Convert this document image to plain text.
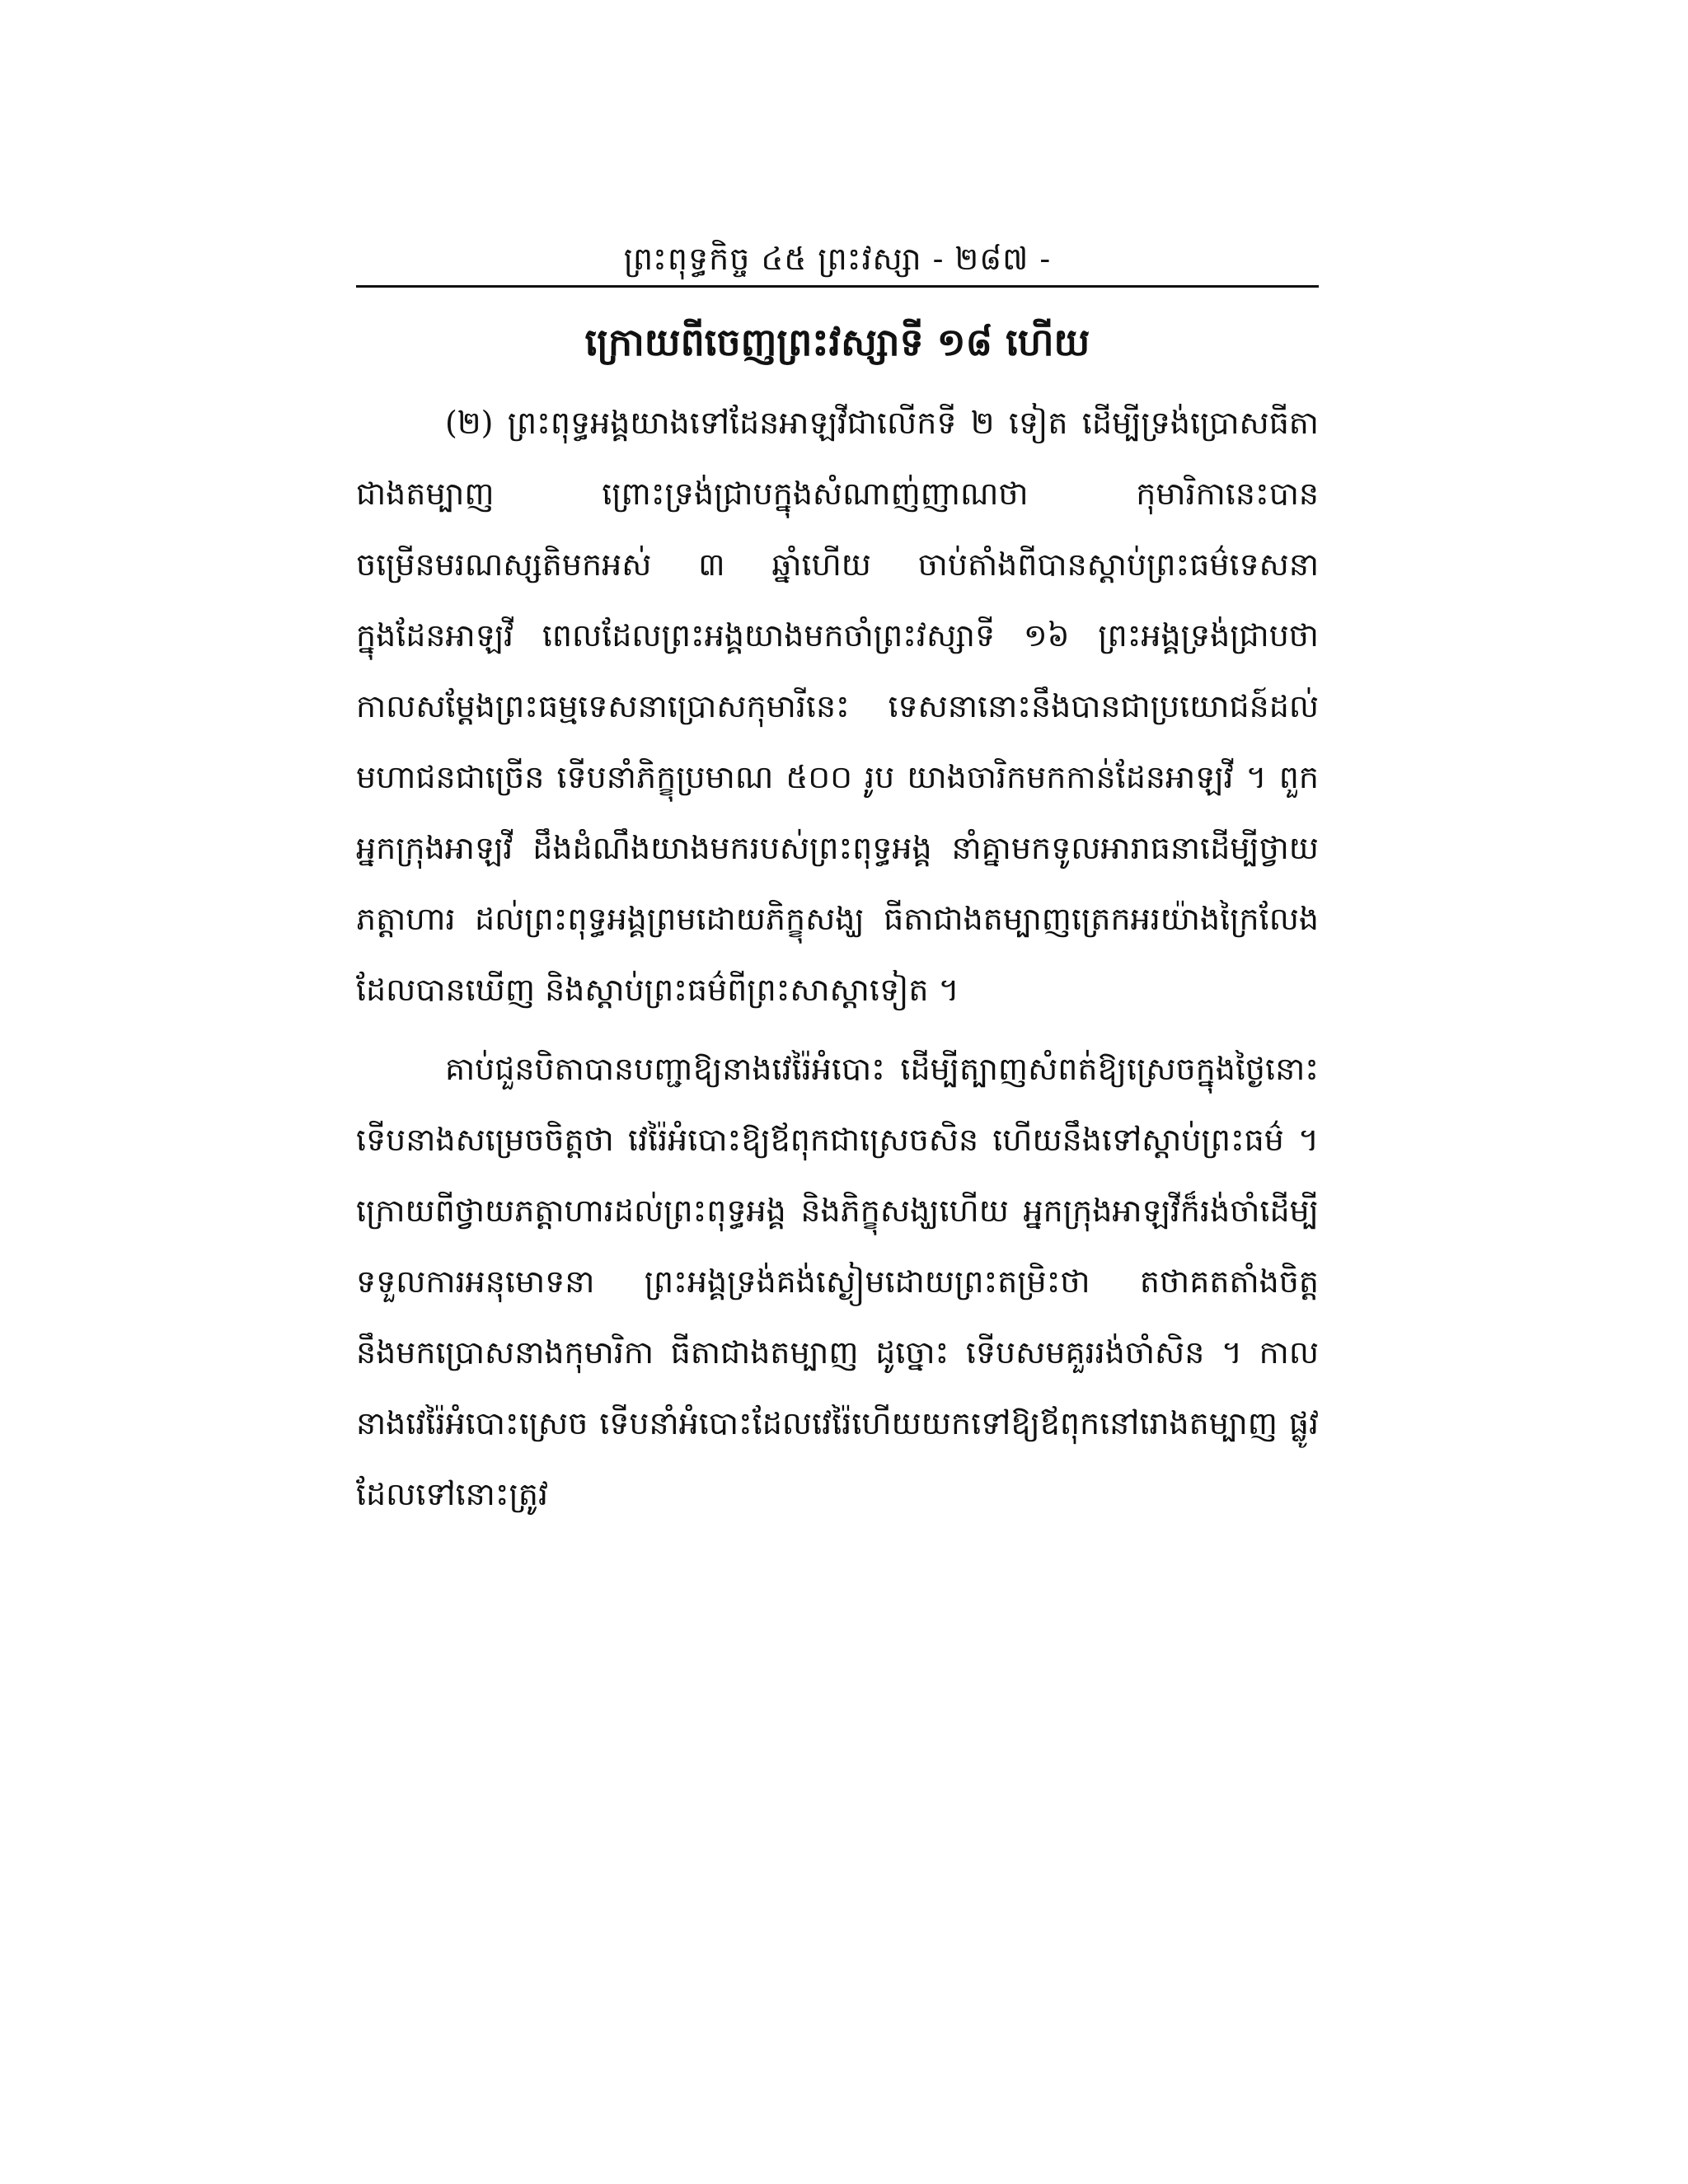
ព្រះពុទ្ធកិច្ច ៤៥ ព្រះវស្សា - ២៨៧ -
ក្រោយពីចេញព្រះវស្សាទី ១៨ ហើយ

(២) ព្រះពុទ្ធអង្គយាងទៅដែនអាឡវីជាលើកទី ២ ទៀត ដើម្បីទ្រង់ប្រោសធីតាជាងតម្បាញ ព្រោះទ្រង់ជ្រាបក្នុងសំណាញ់ញាណថា កុមារិកានេះបានចម្រើនមរណស្សតិមកអស់ ៣ ឆ្នាំហើយ ចាប់តាំងពីបានស្តាប់ព្រះធម៌ទេសនាក្នុងដែនអាឡវី ពេលដែលព្រះអង្គយាងមកចាំព្រះវស្សាទី ១៦ ព្រះអង្គទ្រង់ជ្រាបថា កាលសម្តែងព្រះធម្មទេសនាប្រោសកុមារីនេះ ទេសនានោះនឹងបានជាប្រយោជន៍ដល់មហាជនជាច្រើន ទើបនាំភិក្ខុប្រមាណ ៥០០ រូប យាងចារិកមកកាន់ដែនអាឡវី ។ ពួកអ្នកក្រុងអាឡវី ដឹងដំណឹងយាងមករបស់ព្រះពុទ្ធអង្គ នាំគ្នាមកទូលអារាធនាដើម្បីថ្វាយភត្តាហារ ដល់ព្រះពុទ្ធអង្គព្រមដោយភិក្ខុសង្ឃ ធីតាជាងតម្បាញត្រេកអរយ៉ាងក្រៃលែង ដែលបានឃើញ និងស្តាប់ព្រះធម៌ពីព្រះសាស្តាទៀត ។

គាប់ជួនបិតាបានបញ្ជាឱ្យនាងវេរ៉ៃអំបោះ ដើម្បីត្បាញសំពត់ឱ្យស្រេចក្នុងថ្ងៃនោះ ទើបនាងសម្រេចចិត្តថា វេរ៉ៃអំបោះឱ្យឪពុកជាស្រេចសិន ហើយនឹងទៅស្តាប់ព្រះធម៌ ។ ក្រោយពីថ្វាយភត្តាហារដល់ព្រះពុទ្ធអង្គ និងភិក្ខុសង្ឃហើយ អ្នកក្រុងអាឡវីក៏រង់ចាំដើម្បីទទួលការអនុមោទនា ព្រះអង្គទ្រង់គង់ស្ងៀមដោយព្រះតម្រិះថា តថាគតតាំងចិត្តនឹងមកប្រោសនាងកុមារិកា ធីតាជាងតម្បាញ ដូច្នោះ ទើបសមគួររង់ចាំសិន ។ កាលនាងវេរ៉ៃអំបោះស្រេច ទើបនាំអំបោះដែលវេរ៉ៃហើយយកទៅឱ្យឪពុកនៅរោងតម្បាញ ផ្លូវដែលទៅនោះត្រូវ
